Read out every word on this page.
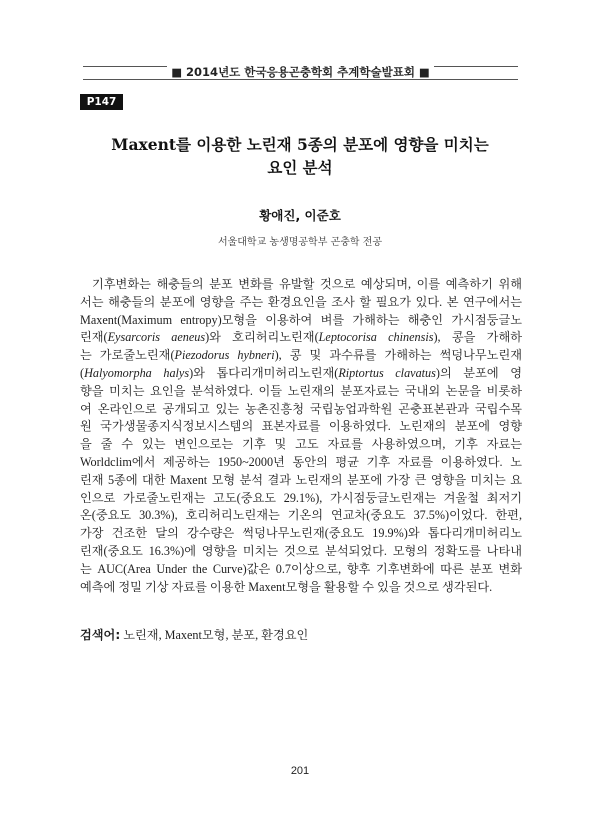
■ 2014년도 한국응용곤충학회 추계학술발표회 ■
P147
Maxent를 이용한 노린재 5종의 분포에 영향을 미치는
요인 분석
황애진, 이준호
서울대학교 농생명공학부 곤충학 전공
기후변화는 해충들의 분포 변화를 유발할 것으로 예상되며, 이를 예측하기 위해
서는 해충들의 분포에 영향을 주는 환경요인을 조사 할 필요가 있다. 본 연구에서는
Maxent(Maximum entropy)모형을 이용하여 벼를 가해하는 해충인 가시점둥글노
린재(Eysarcoris aeneus)와 호리허리노린재(Leptocorisa chinensis), 콩을 가해하
는 가로줄노린재(Piezodorus hybneri), 콩 및 과수류를 가해하는 썩덩나무노린재
(Halyomorpha halys)와 톱다리개미허리노린재(Riptortus clavatus)의 분포에 영
향을 미치는 요인을 분석하였다. 이들 노린재의 분포자료는 국내외 논문을 비롯하
여 온라인으로 공개되고 있는 농촌진흥청 국립농업과학원 곤충표본관과 국립수목
원 국가생물종지식정보시스템의 표본자료를 이용하였다. 노린재의 분포에 영향
을 줄 수 있는 변인으로는 기후 및 고도 자료를 사용하였으며, 기후 자료는
Worldclim에서 제공하는 1950~2000년 동안의 평균 기후 자료를 이용하였다. 노
린재 5종에 대한 Maxent 모형 분석 결과 노린재의 분포에 가장 큰 영향을 미치는 요
인으로 가로줄노린재는 고도(중요도 29.1%), 가시점둥글노린재는 겨울철 최저기
온(중요도 30.3%), 호리허리노린재는 기온의 연교차(중요도 37.5%)이었다. 한편,
가장 건조한 달의 강수량은 썩덩나무노린재(중요도 19.9%)와 톱다리개미허리노
린재(중요도 16.3%)에 영향을 미치는 것으로 분석되었다. 모형의 정확도를 나타내
는 AUC(Area Under the Curve)값은 0.7이상으로, 향후 기후변화에 따른 분포 변화
예측에 정밀 기상 자료를 이용한 Maxent모형을 활용할 수 있을 것으로 생각된다.
검색어: 노린재, Maxent모형, 분포, 환경요인
201
